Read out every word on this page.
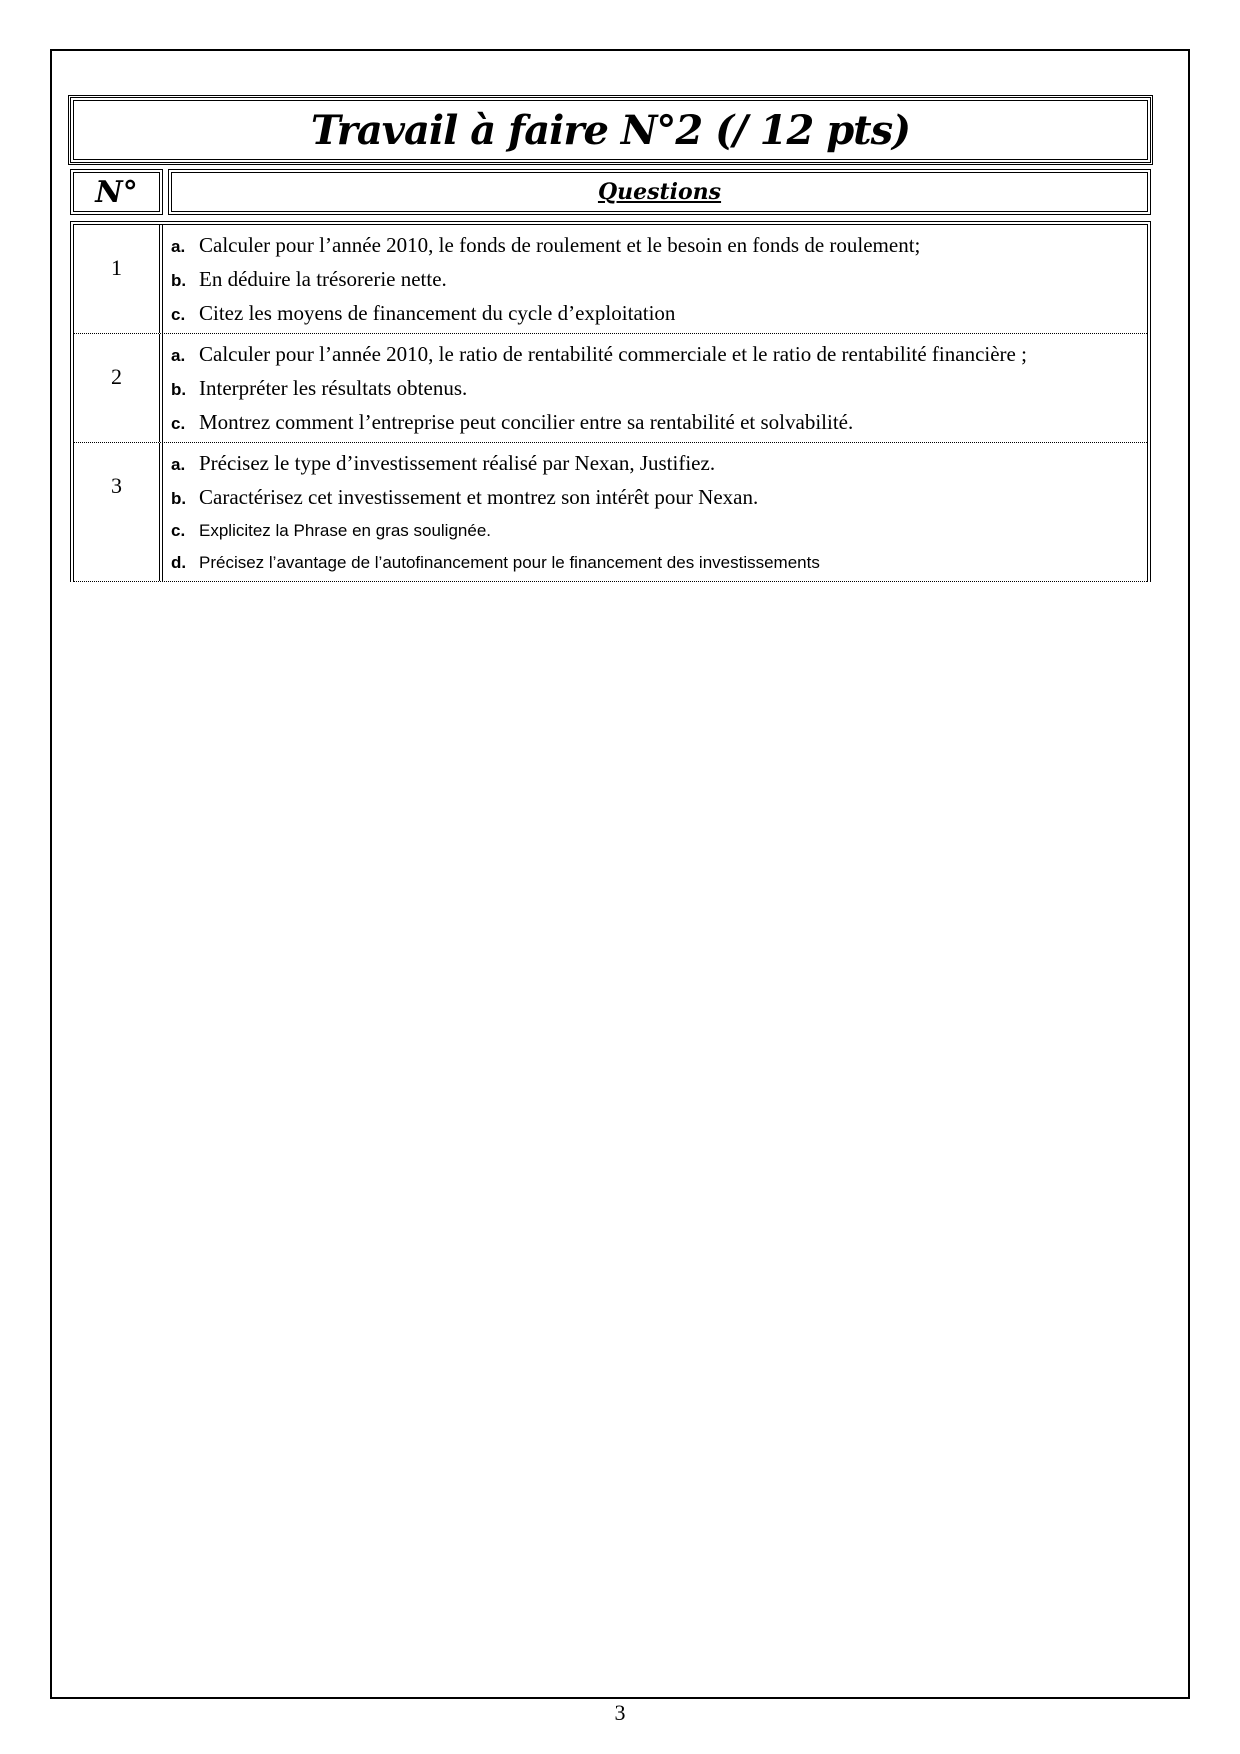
Travail à faire N°2 (/ 12 pts)
N°	Questions
1
a. Calculer pour l’année 2010, le fonds de roulement et le besoin en fonds de roulement;
b. En déduire la trésorerie nette.
c. Citez les moyens de financement du cycle d’exploitation
2
a. Calculer pour l’année 2010, le ratio de rentabilité commerciale et le ratio de rentabilité financière ;
b. Interpréter les résultats obtenus.
c. Montrez comment l’entreprise peut concilier entre sa rentabilité et solvabilité.
3
a. Précisez le type d’investissement réalisé par Nexan, Justifiez.
b. Caractérisez cet investissement et montrez son intérêt pour Nexan.
c. Explicitez la Phrase en gras soulignée.
d. Précisez l’avantage de l’autofinancement pour le financement des investissements
3
